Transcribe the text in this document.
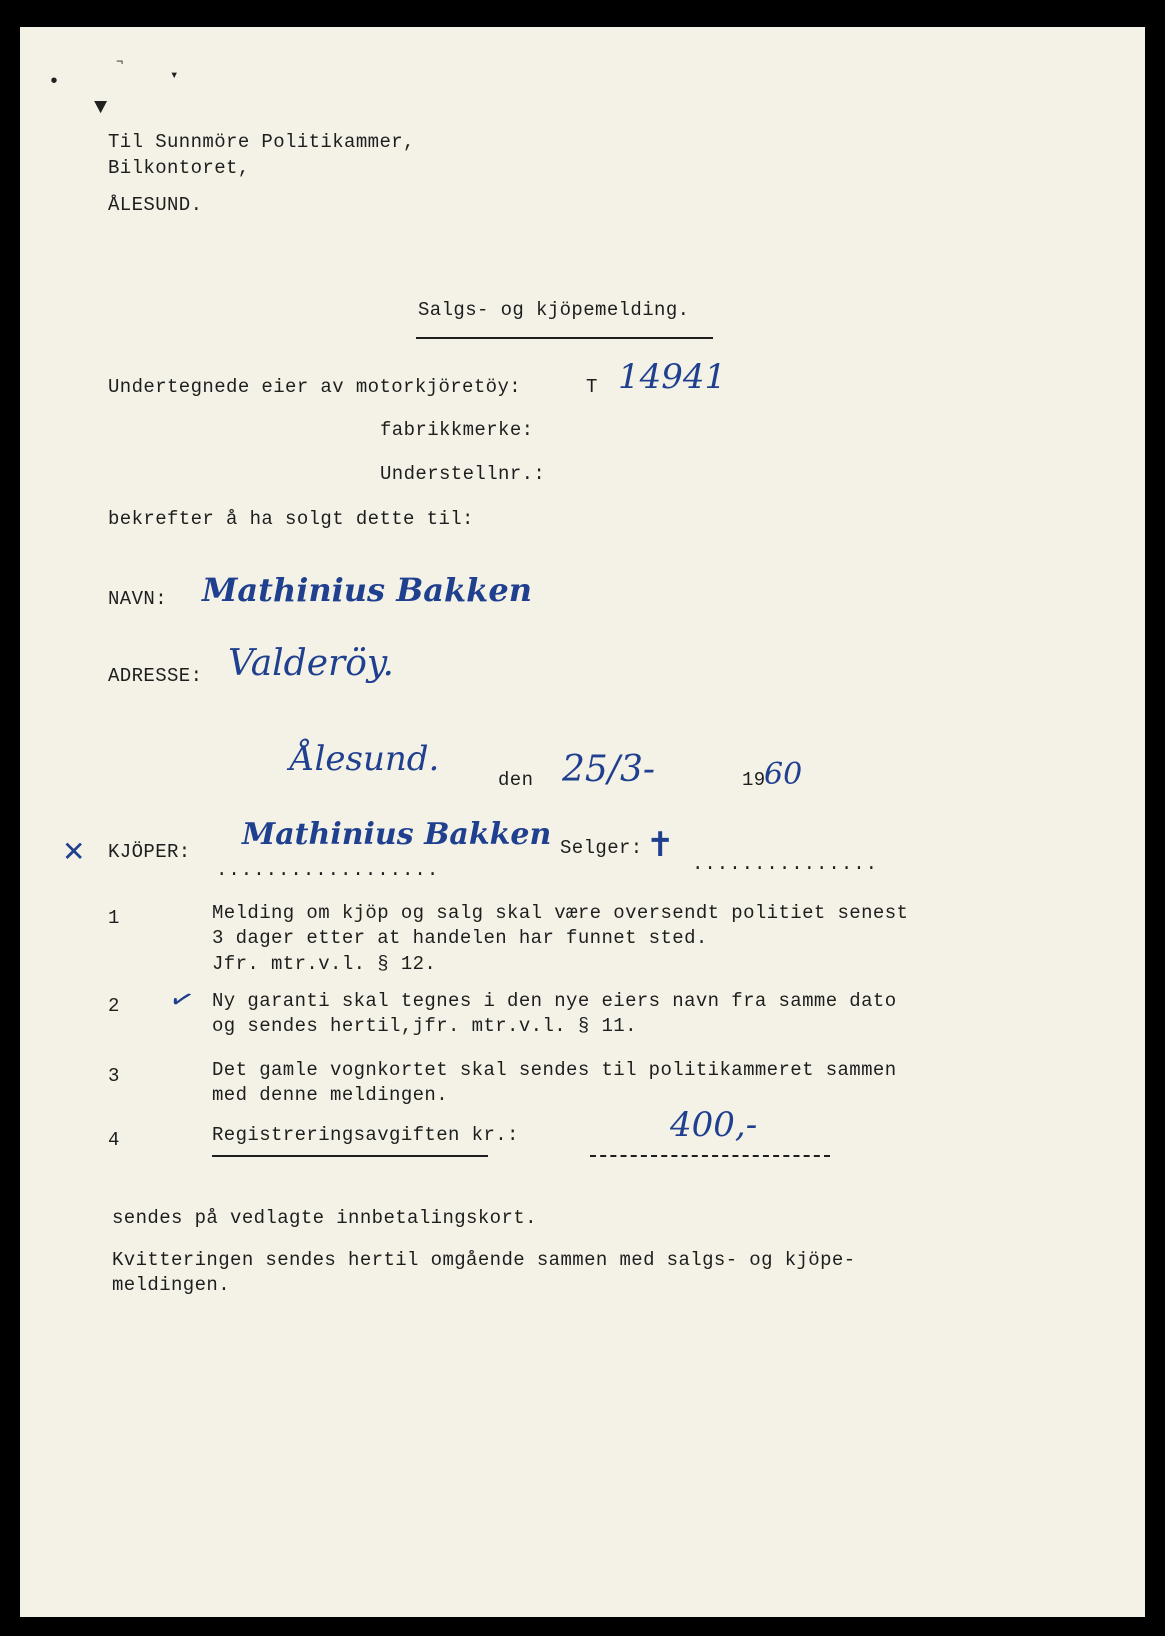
•
¬
▾
▼
Til Sunnmöre Politikammer,
Bilkontoret,
ÅLESUND.
Salgs- og kjöpemelding.
Undertegnede eier av motorkjöretöy:	T 14941
fabrikkmerke:
Understellnr.:
bekrefter å ha solgt dette til:
NAVN: Mathinius Bakken
ADRESSE: Valderöy.
Ålesund.
den 25/3-	19
60
✕ KJÖPER: Mathinius Bakken
..................
Selger: ✝ ...............
1	Melding om kjöp og salg skal være oversendt politiet senest
3 dager etter at handelen har funnet sted.
Jfr. mtr.v.l. § 12.
✓
2	Ny garanti skal tegnes i den nye eiers navn fra samme dato
og sendes hertil,jfr. mtr.v.l. § 11.
3	Det gamle vognkortet skal sendes til politikammeret sammen
med denne meldingen.
4	Registreringsavgiften kr.:	400,-
sendes på vedlagte innbetalingskort.
Kvitteringen sendes hertil omgående sammen med salgs- og kjöpe-
meldingen.
